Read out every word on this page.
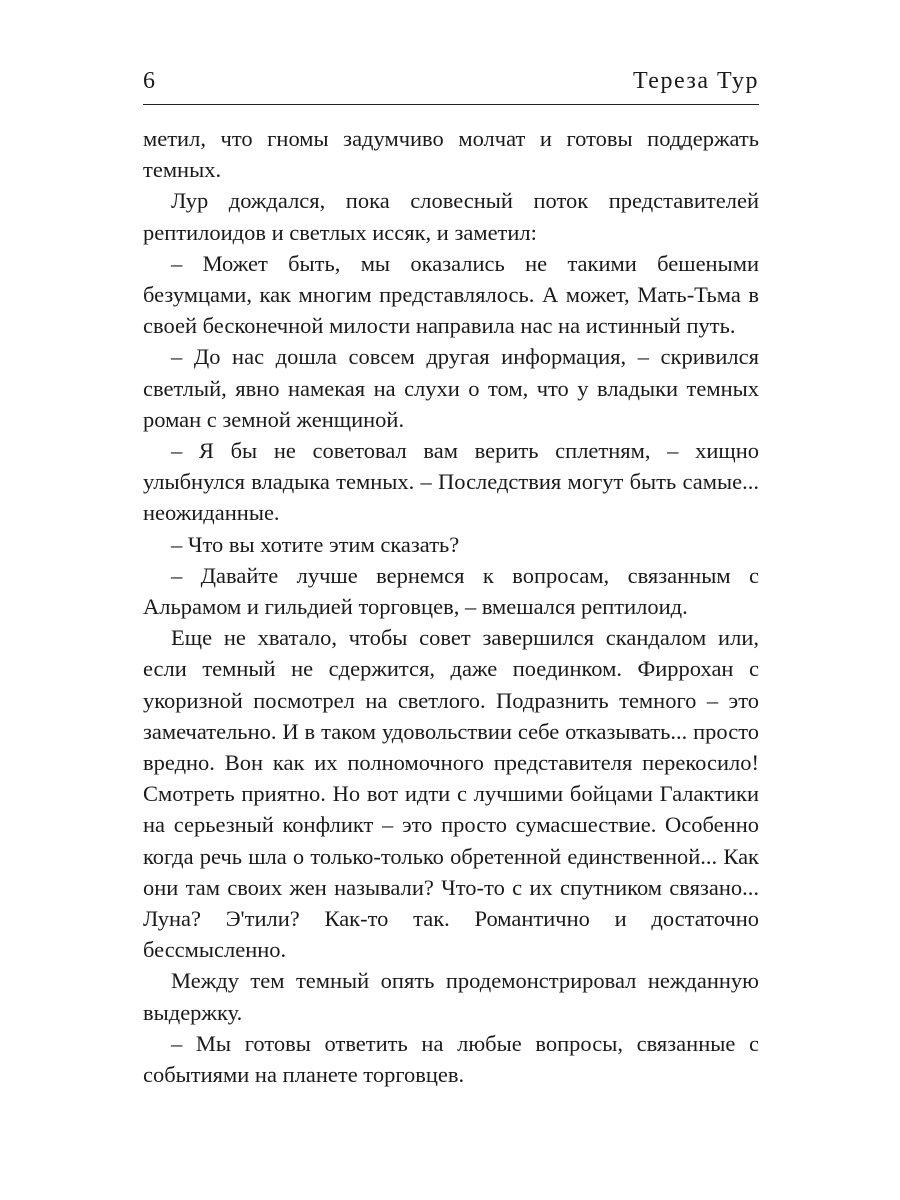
6	Тереза Тур

метил, что гномы задумчиво молчат и готовы поддержать темных.

Лур дождался, пока словесный поток представителей рептилоидов и светлых иссяк, и заметил:

– Может быть, мы оказались не такими бешеными безумцами, как многим представлялось. А может, Мать-Тьма в своей бесконечной милости направила нас на истинный путь.

– До нас дошла совсем другая информация, – скривился светлый, явно намекая на слухи о том, что у владыки темных роман с земной женщиной.

– Я бы не советовал вам верить сплетням, – хищно улыбнулся владыка темных. – Последствия могут быть самые... неожиданные.

– Что вы хотите этим сказать?

– Давайте лучше вернемся к вопросам, связанным с Альрамом и гильдией торговцев, – вмешался рептилоид.

Еще не хватало, чтобы совет завершился скандалом или, если темный не сдержится, даже поединком. Фиррохан с укоризной посмотрел на светлого. Подразнить темного – это замечательно. И в таком удовольствии себе отказывать... просто вредно. Вон как их полномочного представителя перекосило! Смотреть приятно. Но вот идти с лучшими бойцами Галактики на серьезный конфликт – это просто сумасшествие. Особенно когда речь шла о только-только обретенной единственной... Как они там своих жен называли? Что-то с их спутником связано... Луна? Э'тили? Как-то так. Романтично и достаточно бессмысленно.

Между тем темный опять продемонстрировал нежданную выдержку.

– Мы готовы ответить на любые вопросы, связанные с событиями на планете торговцев.
